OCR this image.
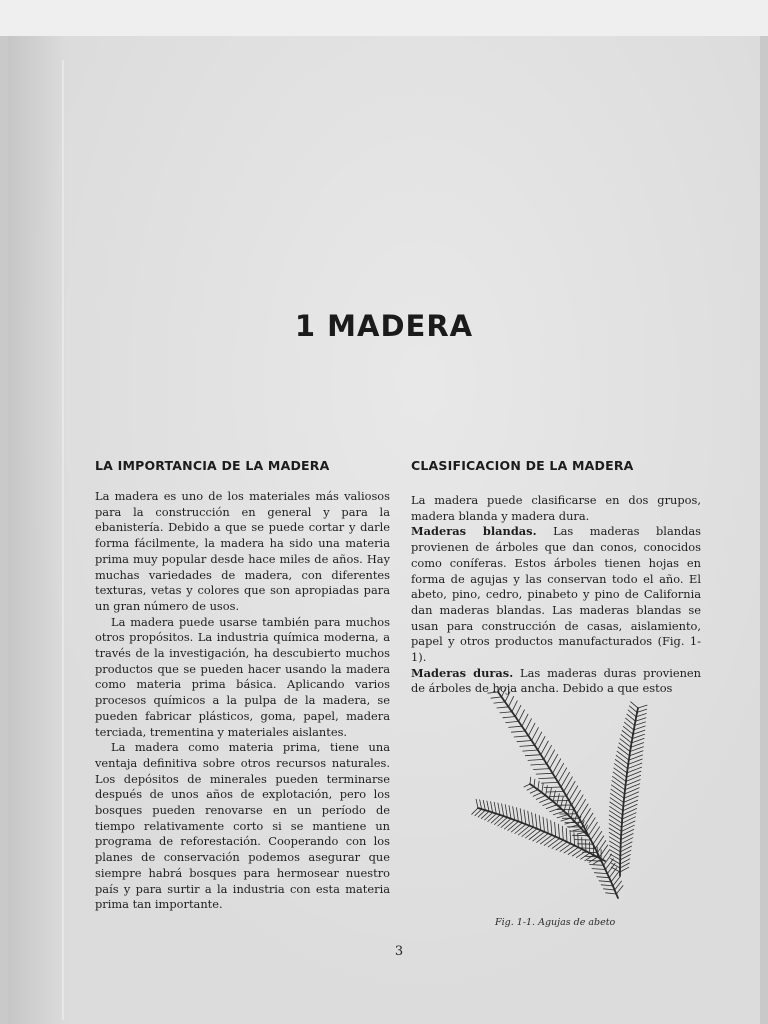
1 MADERA
LA IMPORTANCIA DE LA MADERA

La madera es uno de los materiales más valiosos para la construcción en general y para la ebanistería. Debido a que se puede cortar y darle forma fácilmente, la madera ha sido una materia prima muy popular desde hace miles de años. Hay muchas variedades de madera, con diferentes texturas, vetas y colores que son apropiadas para un gran número de usos.

La madera puede usarse también para muchos otros propósitos. La industria química moderna, a través de la investigación, ha descubierto muchos productos que se pueden hacer usando la madera como materia prima básica. Aplicando varios procesos químicos a la pulpa de la madera, se pueden fabricar plásticos, goma, papel, madera terciada, trementina y materiales aislantes.

La madera como materia prima, tiene una ventaja definitiva sobre otros recursos naturales. Los depósitos de minerales pueden terminarse después de unos años de explotación, pero los bosques pueden renovarse en un período de tiempo relativamente corto si se mantiene un programa de reforestación. Cooperando con los planes de conservación podemos asegurar que siempre habrá bosques para hermosear nuestro país y para surtir a la industria con esta materia prima tan importante.

CLASIFICACION DE LA MADERA

La madera puede clasificarse en dos grupos, madera blanda y madera dura.

Maderas blandas. Las maderas blandas provienen de árboles que dan conos, conocidos como coníferas. Estos árboles tienen hojas en forma de agujas y las conservan todo el año. El abeto, pino, cedro, pinabeto y pino de California dan maderas blandas. Las maderas blandas se usan para construcción de casas, aislamiento, papel y otros productos manufacturados (Fig. 1-1).

Maderas duras. Las maderas duras provienen de árboles de hoja ancha. Debido a que estos

Fig. 1-1. Agujas de abeto
3
